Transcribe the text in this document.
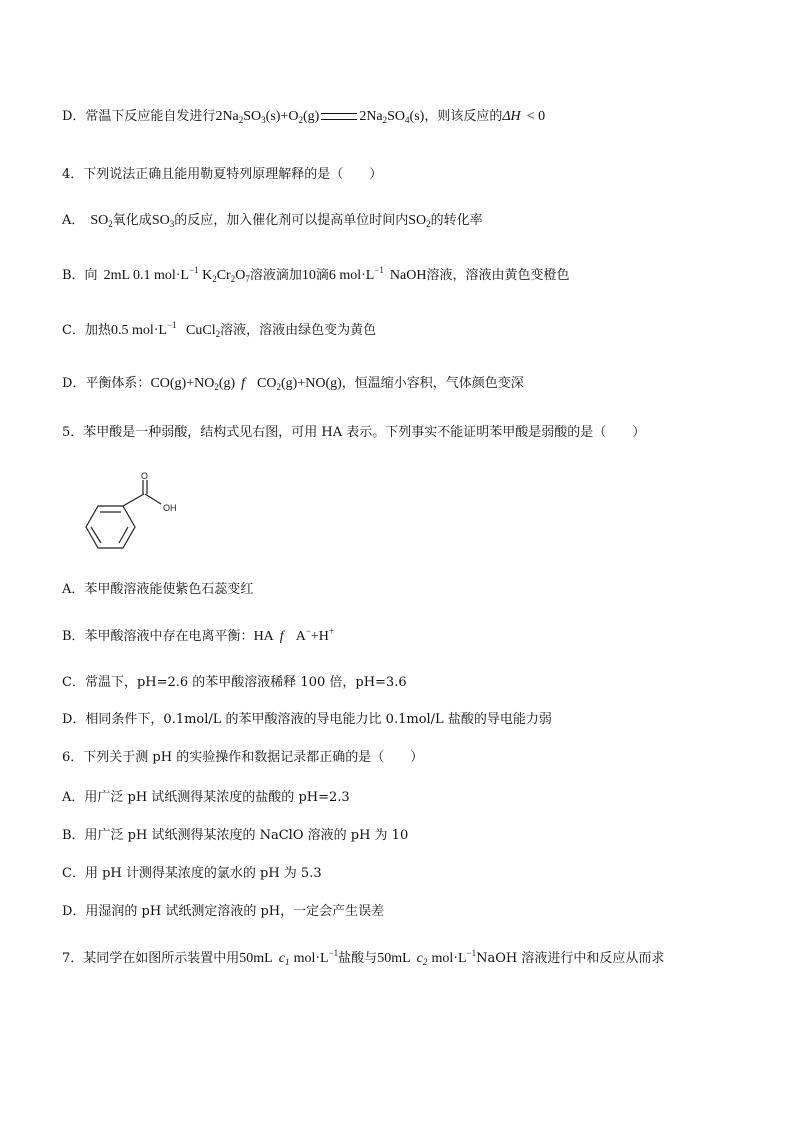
D．常温下反应能自发进行$2Na_2SO_3(s)+O_2(g)$	$2Na_2SO_4(s)$，则该反应的ΔH < 0
4．下列说法正确且能用勒夏特列原理解释的是（　　）
A． $SO_2$氧化成$SO_3$的反应，加入催化剂可以提高单位时间内$SO_2$的转化率
B．向 2mL 0.1 $mol\cdot L^{-1}$ $K_2Cr_2O_7$溶液滴加10滴6 $mol\cdot L^{-1}$ NaOH溶液，溶液由黄色变橙色
C．加热0.5 $mol\cdot L^{-1}$ CuCl$_2$溶液，溶液由绿色变为黄色
D．平衡体系：$CO(g)+NO_2(g)$ f $CO_2(g)+NO(g)$，恒温缩小容积，气体颜色变深
5．苯甲酸是一种弱酸，结构式见右图，可用 HA 表示。下列事实不能证明苯甲酸是弱酸的是（　　）
O
OH
A．苯甲酸溶液能使紫色石蕊变红
B．苯甲酸溶液中存在电离平衡：HA f A−+H+
C．常温下，pH=2.6 的苯甲酸溶液稀释 100 倍，pH=3.6
D．相同条件下，0.1mol/L 的苯甲酸溶液的导电能力比 0.1mol/L 盐酸的导电能力弱
6．下列关于测 pH 的实验操作和数据记录都正确的是（　　）
A．用广泛 pH 试纸测得某浓度的盐酸的 pH=2.3
B．用广泛 pH 试纸测得某浓度的 NaClO 溶液的 pH 为 10
C．用 pH 计测得某浓度的氯水的 pH 为 5.3
D．用湿润的 pH 试纸测定溶液的 pH，一定会产生误差
7．某同学在如图所示装置中用50mL $c_1$ $mol\cdot L^{-1}$盐酸与50mL $c_2$ $mol\cdot L^{-1}NaOH$ 溶液进行中和反应从而求
